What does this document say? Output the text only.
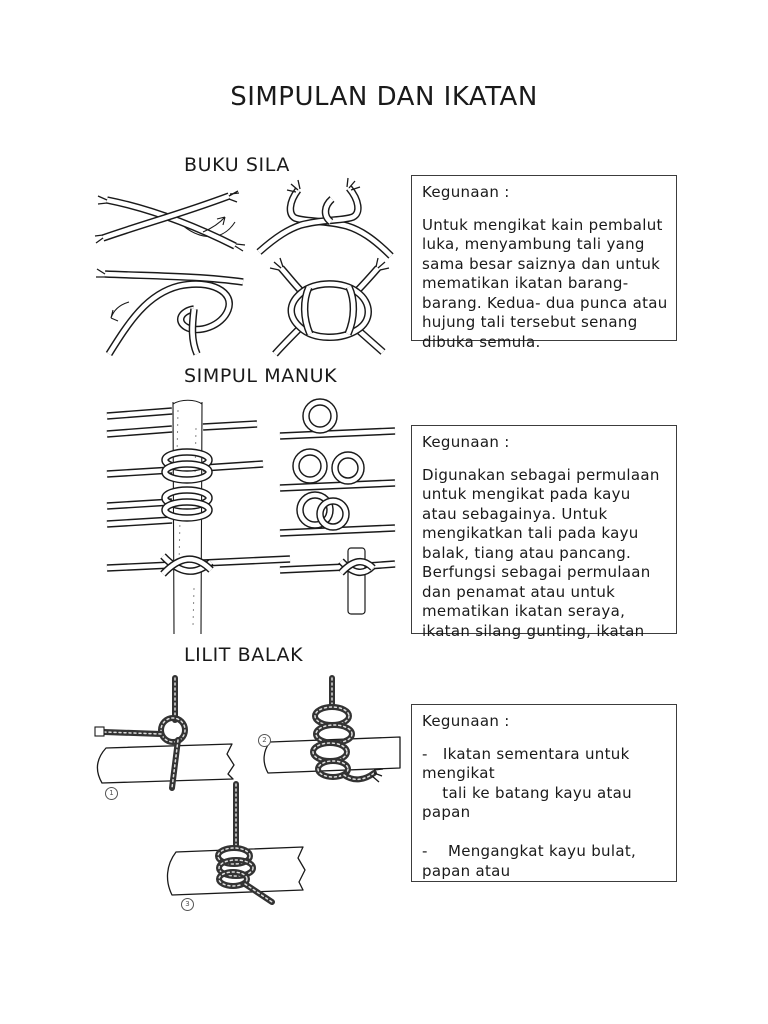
SIMPULAN DAN IKATAN
BUKU SILA
Kegunaan :
Untuk mengikat kain pembalut
luka, menyambung tali yang
sama besar saiznya dan untuk
mematikan ikatan barang-
barang. Kedua- dua punca atau
hujung tali tersebut senang
dibuka semula.
SIMPUL MANUK
Kegunaan :
Digunakan sebagai permulaan
untuk mengikat pada kayu
atau sebagainya. Untuk
mengikatkan tali pada kayu
balak, tiang atau pancang.
Berfungsi sebagai permulaan
dan penamat atau untuk
mematikan ikatan seraya,
ikatan silang gunting, ikatan
LILIT BALAK
1
2
3
Kegunaan :
-   Ikatan sementara untuk
mengikat
tali ke batang kayu atau
papan
-    Mengangkat kayu bulat,
papan atau
